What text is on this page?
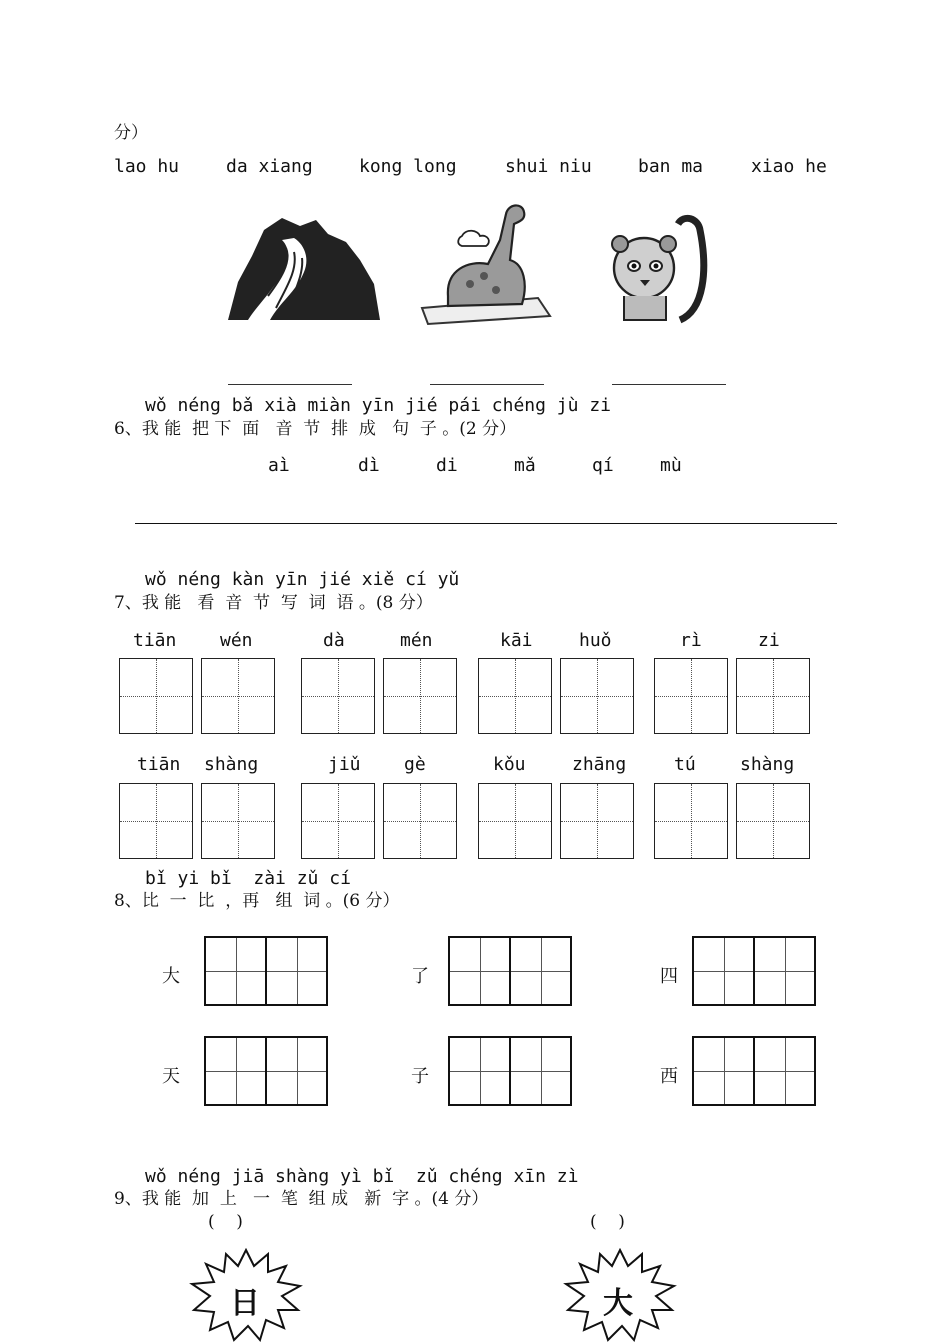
分）
lao hu	da xiang	kong long	shui niu	ban ma	xiao he
wǒ néng bǎ xià miàn yīn jié pái chéng jù zi
6、我 能  把 下  面   音  节  排  成   句  子 。(2 分）
aì	dì	di	mǎ	qí	mù
wǒ néng kàn yīn jié xiě cí yǔ
7、我 能   看  音  节  写  词  语 。(8 分）
tiān wén	dà	mén	kāi	huǒ	rì	zi
tiān shàng	jiǔ gè	kǒu	zhāng	tú shàng
bǐ yi bǐ  zài zǔ cí
8、比  一  比  ，再   组  词 。(6 分）
大	了	四
天	子	西
wǒ néng jiā shàng yì bǐ  zǔ chéng xīn zì
9、我 能  加  上   一  笔  组 成   新  字 。(4 分）
(    )	(    )
日	大
